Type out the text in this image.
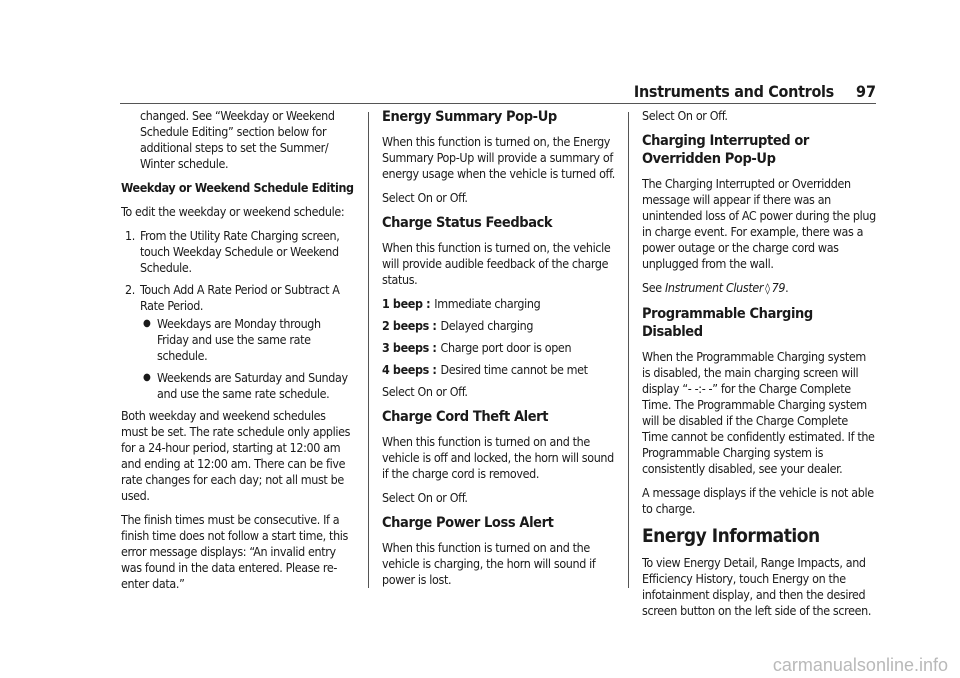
Instruments and Controls 97

changed. See “Weekday or Weekend Schedule Editing” section below for additional steps to set the Summer/ Winter schedule.

Weekday or Weekend Schedule Editing

To edit the weekday or weekend schedule:

1. From the Utility Rate Charging screen, touch Weekday Schedule or Weekend Schedule.
2. Touch Add A Rate Period or Subtract A Rate Period.
● Weekdays are Monday through Friday and use the same rate schedule.
● Weekends are Saturday and Sunday and use the same rate schedule.

Both weekday and weekend schedules must be set. The rate schedule only applies for a 24-hour period, starting at 12:00 am and ending at 12:00 am. There can be five rate changes for each day; not all must be used.

The finish times must be consecutive. If a finish time does not follow a start time, this error message displays: “An invalid entry was found in the data entered. Please re-enter data.”

Energy Summary Pop-Up

When this function is turned on, the Energy Summary Pop-Up will provide a summary of energy usage when the vehicle is turned off.

Select On or Off.

Charge Status Feedback

When this function is turned on, the vehicle will provide audible feedback of the charge status.

1 beep : Immediate charging
2 beeps : Delayed charging
3 beeps : Charge port door is open
4 beeps : Desired time cannot be met

Select On or Off.

Charge Cord Theft Alert

When this function is turned on and the vehicle is off and locked, the horn will sound if the charge cord is removed.

Select On or Off.

Charge Power Loss Alert

When this function is turned on and the vehicle is charging, the horn will sound if power is lost.

Select On or Off.

Charging Interrupted or Overridden Pop-Up

The Charging Interrupted or Overridden message will appear if there was an unintended loss of AC power during the plug in charge event. For example, there was a power outage or the charge cord was unplugged from the wall.

See Instrument Cluster ◊ 79.

Programmable Charging Disabled

When the Programmable Charging system is disabled, the main charging screen will display “- -:- -” for the Charge Complete Time. The Programmable Charging system will be disabled if the Charge Complete Time cannot be confidently estimated. If the Programmable Charging system is consistently disabled, see your dealer.

A message displays if the vehicle is not able to charge.

Energy Information

To view Energy Detail, Range Impacts, and Efficiency History, touch Energy on the infotainment display, and then the desired screen button on the left side of the screen.

carmanualsonline.info
